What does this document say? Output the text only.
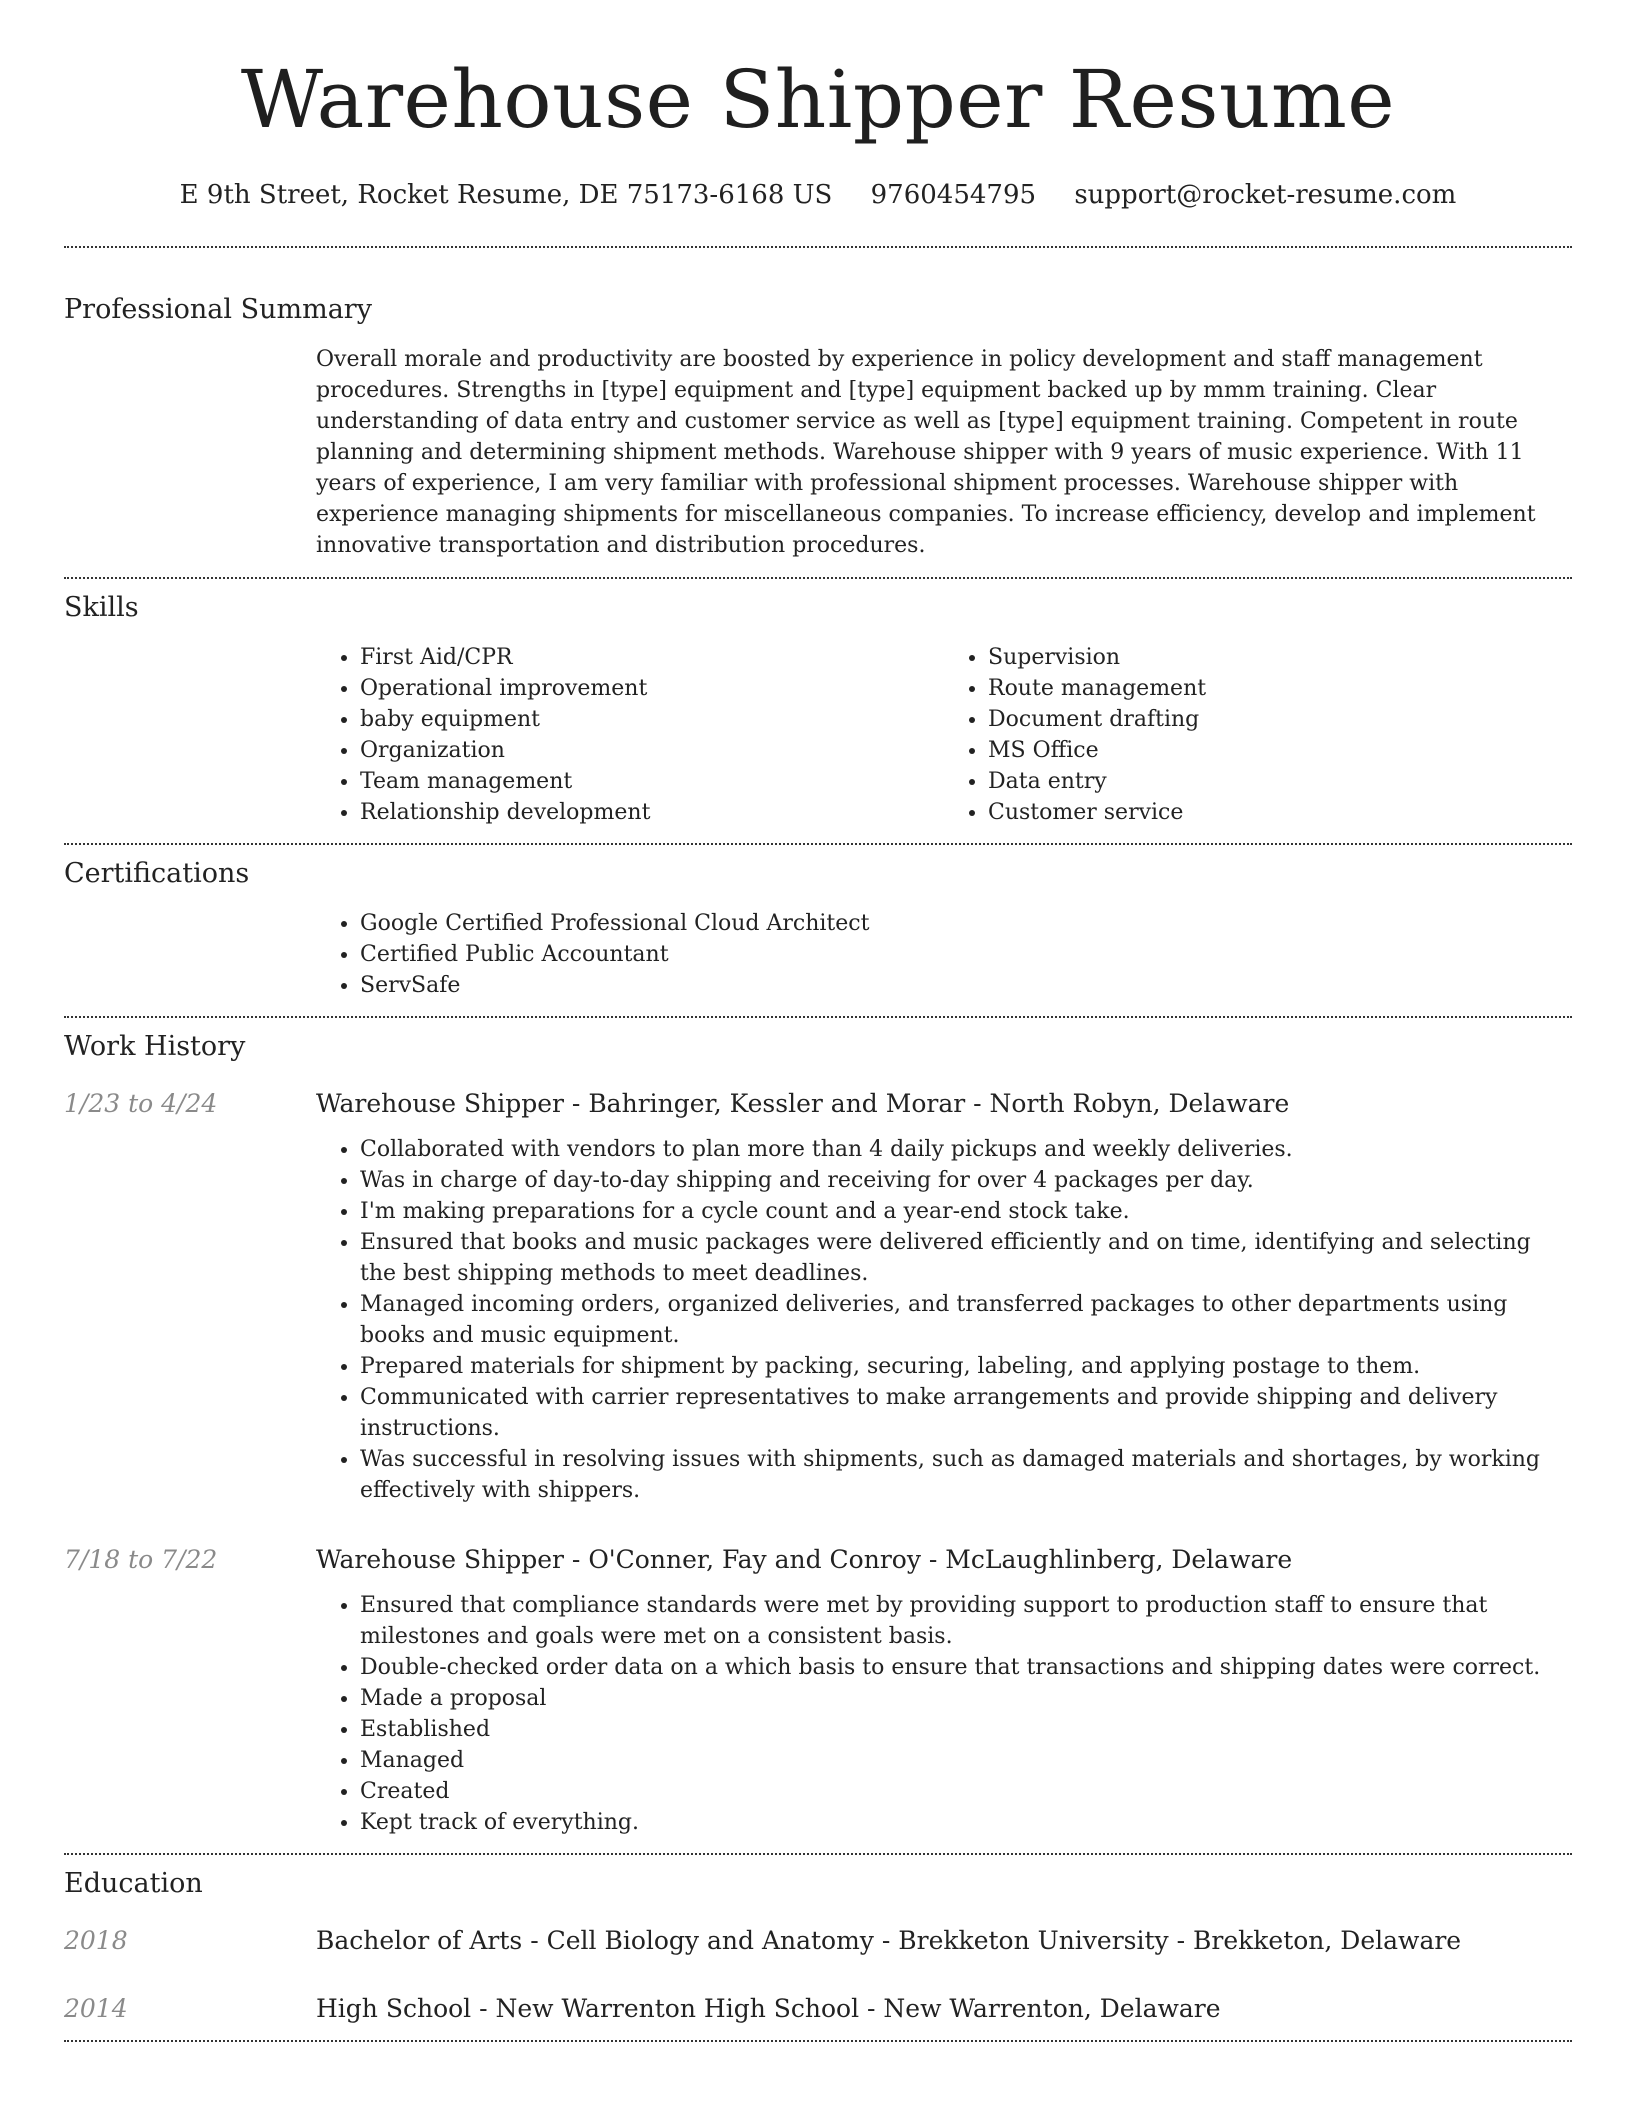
Warehouse Shipper Resume
E 9th Street, Rocket Resume, DE 75173-6168 US 9760454795 support@rocket-resume.com
Professional Summary

Overall morale and productivity are boosted by experience in policy development and staff management procedures. Strengths in [type] equipment and [type] equipment backed up by mmm training. Clear understanding of data entry and customer service as well as [type] equipment training. Competent in route planning and determining shipment methods. Warehouse shipper with 9 years of music experience. With 11 years of experience, I am very familiar with professional shipment processes. Warehouse shipper with experience managing shipments for miscellaneous companies. To increase efficiency, develop and implement innovative transportation and distribution procedures.

Skills
• First Aid/CPR
• Operational improvement
• baby equipment
• Organization
• Team management
• Relationship development
• Supervision
• Route management
• Document drafting
• MS Office
• Data entry
• Customer service
Certifications
• Google Certified Professional Cloud Architect
• Certified Public Accountant
• ServSafe
Work History
1/23 to 4/24	Warehouse Shipper - Bahringer, Kessler and Morar - North Robyn, Delaware
• Collaborated with vendors to plan more than 4 daily pickups and weekly deliveries.
• Was in charge of day-to-day shipping and receiving for over 4 packages per day.
• I'm making preparations for a cycle count and a year-end stock take.
• Ensured that books and music packages were delivered efficiently and on time, identifying and selecting the best shipping methods to meet deadlines.
• Managed incoming orders, organized deliveries, and transferred packages to other departments using books and music equipment.
• Prepared materials for shipment by packing, securing, labeling, and applying postage to them.
• Communicated with carrier representatives to make arrangements and provide shipping and delivery instructions.
• Was successful in resolving issues with shipments, such as damaged materials and shortages, by working effectively with shippers.
7/18 to 7/22	Warehouse Shipper - O'Conner, Fay and Conroy - McLaughlinberg, Delaware
• Ensured that compliance standards were met by providing support to production staff to ensure that milestones and goals were met on a consistent basis.
• Double-checked order data on a which basis to ensure that transactions and shipping dates were correct.
• Made a proposal
• Established
• Managed
• Created
• Kept track of everything.
Education
2018	Bachelor of Arts - Cell Biology and Anatomy - Brekketon University - Brekketon, Delaware
2014	High School - New Warrenton High School - New Warrenton, Delaware
